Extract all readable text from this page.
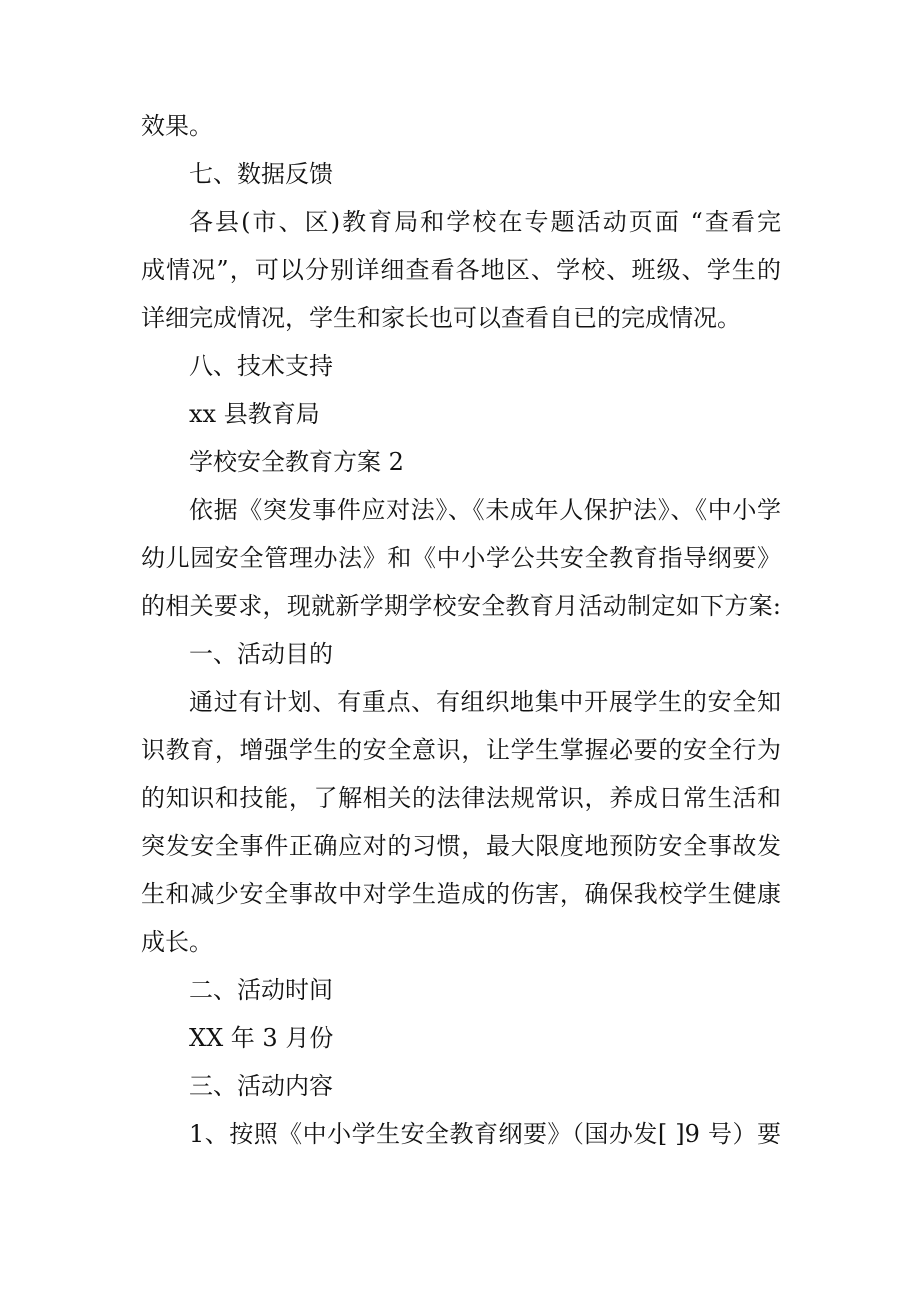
效果。
七、数据反馈
各县(市、区)教育局和学校在专题活动页面 “查看完
成情况”，可以分别详细查看各地区、学校、班级、学生的
详细完成情况，学生和家长也可以查看自已的完成情况。
八、技术支持
xx 县教育局
学校安全教育方案 2
依据《突发事件应对法》、《未成年人保护法》、《中小学
幼儿园安全管理办法》和《中小学公共安全教育指导纲要》
的相关要求，现就新学期学校安全教育月活动制定如下方案:
一、活动目的
通过有计划、有重点、有组织地集中开展学生的安全知
识教育，增强学生的安全意识，让学生掌握必要的安全行为
的知识和技能，了解相关的法律法规常识，养成日常生活和
突发安全事件正确应对的习惯，最大限度地预防安全事故发
生和减少安全事故中对学生造成的伤害，确保我校学生健康
成长。
二、活动时间
XX 年 3 月份
三、活动内容
1、按照《中小学生安全教育纲要》（国办发[ ]9 号）要
